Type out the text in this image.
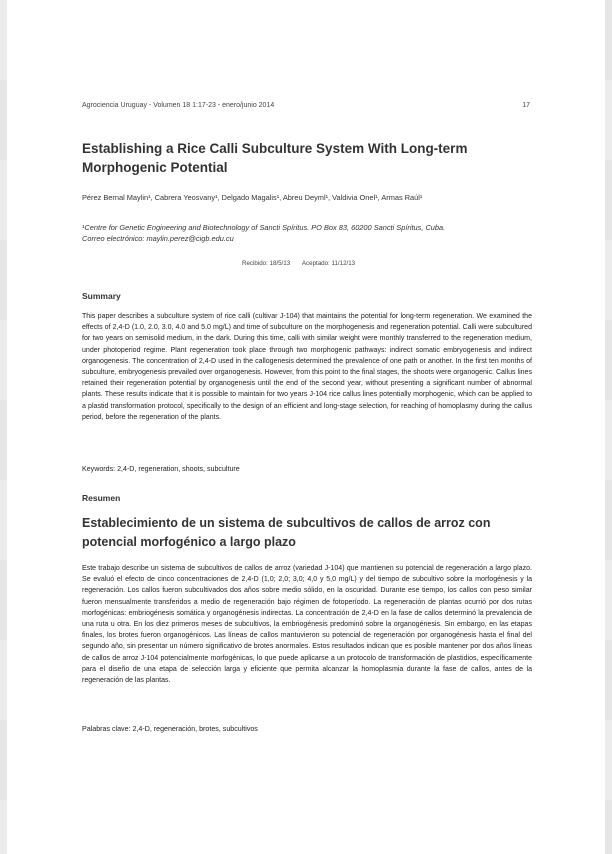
Agrociencia Uruguay - Volumen 18 1:17-23 - enero/junio 2014	17
Establishing a Rice Calli Subculture System With Long-term Morphogenic Potential
Pérez Bernal Maylin¹, Cabrera Yeosvany¹, Delgado Magalis¹, Abreu Deyml¹, Valdivia Onel¹, Armas Raúl¹
¹Centre for Genetic Engineering and Biotechnology of Sancti Spíritus. PO Box 83, 60200 Sancti Spíritus, Cuba.
Correo electrónico: maylin.perez@cigb.edu.cu
Recibido: 18/5/13 Aceptado: 11/12/13
Summary

This paper describes a subculture system of rice calli (cultivar J-104) that maintains the potential for long-term regeneration. We examined the effects of 2,4-D (1.0, 2.0, 3.0, 4.0 and 5.0 mg/L) and time of subculture on the morphogenesis and regeneration potential. Calli were subcultured for two years on semisolid medium, in the dark. During this time, calli with similar weight were monthly transferred to the regeneration medium, under photoperiod regime. Plant regeneration took place through two morphogenic pathways: indirect somatic embryogenesis and indirect organogenesis. The concentration of 2,4-D used in the callogenesis determined the prevalence of one path or another. In the first ten months of subculture, embryogenesis prevailed over organogenesis. However, from this point to the final stages, the shoots were organogenic. Callus lines retained their regeneration potential by organogenesis until the end of the second year, without presenting a significant number of abnormal plants. These results indicate that it is possible to maintain for two years J-104 rice callus lines potentially morphogenic, which can be applied to a plastid transformation protocol, specifically to the design of an efficient and long-stage selection, for reaching of homoplasmy during the callus period, before the regeneration of the plants.

Keywords: 2,4-D, regeneration, shoots, subculture
Resumen
Establecimiento de un sistema de subcultivos de callos de arroz con potencial morfogénico a largo plazo

Este trabajo describe un sistema de subcultivos de callos de arroz (variedad J-104) que mantienen su potencial de regeneración a largo plazo. Se evaluó el efecto de cinco concentraciones de 2,4-D (1,0; 2,0; 3,0; 4,0 y 5,0 mg/L) y del tiempo de subcultivo sobre la morfogénesis y la regeneración. Los callos fueron subcultivados dos años sobre medio sólido, en la oscuridad. Durante ese tiempo, los callos con peso similar fueron mensualmente transferidos a medio de regeneración bajo régimen de fotoperíodo. La regeneración de plantas ocurrió por dos rutas morfogénicas: embriogénesis somática y organogénesis indirectas. La concentración de 2,4-D en la fase de callos determinó la prevalencia de una ruta u otra. En los diez primeros meses de subcultivos, la embriogénesis predominó sobre la organogénesis. Sin embargo, en las etapas finales, los brotes fueron organogénicos. Las líneas de callos mantuvieron su potencial de regeneración por organogénesis hasta el final del segundo año, sin presentar un número significativo de brotes anormales. Estos resultados indican que es posible mantener por dos años líneas de callos de arroz J-104 potencialmente morfogénicas, lo que puede aplicarse a un protocolo de transformación de plastidios, específicamente para el diseño de una etapa de selección larga y eficiente que permita alcanzar la homoplasmia durante la fase de callos, antes de la regeneración de las plantas.

Palabras clave: 2,4-D, regeneración, brotes, subcultivos
